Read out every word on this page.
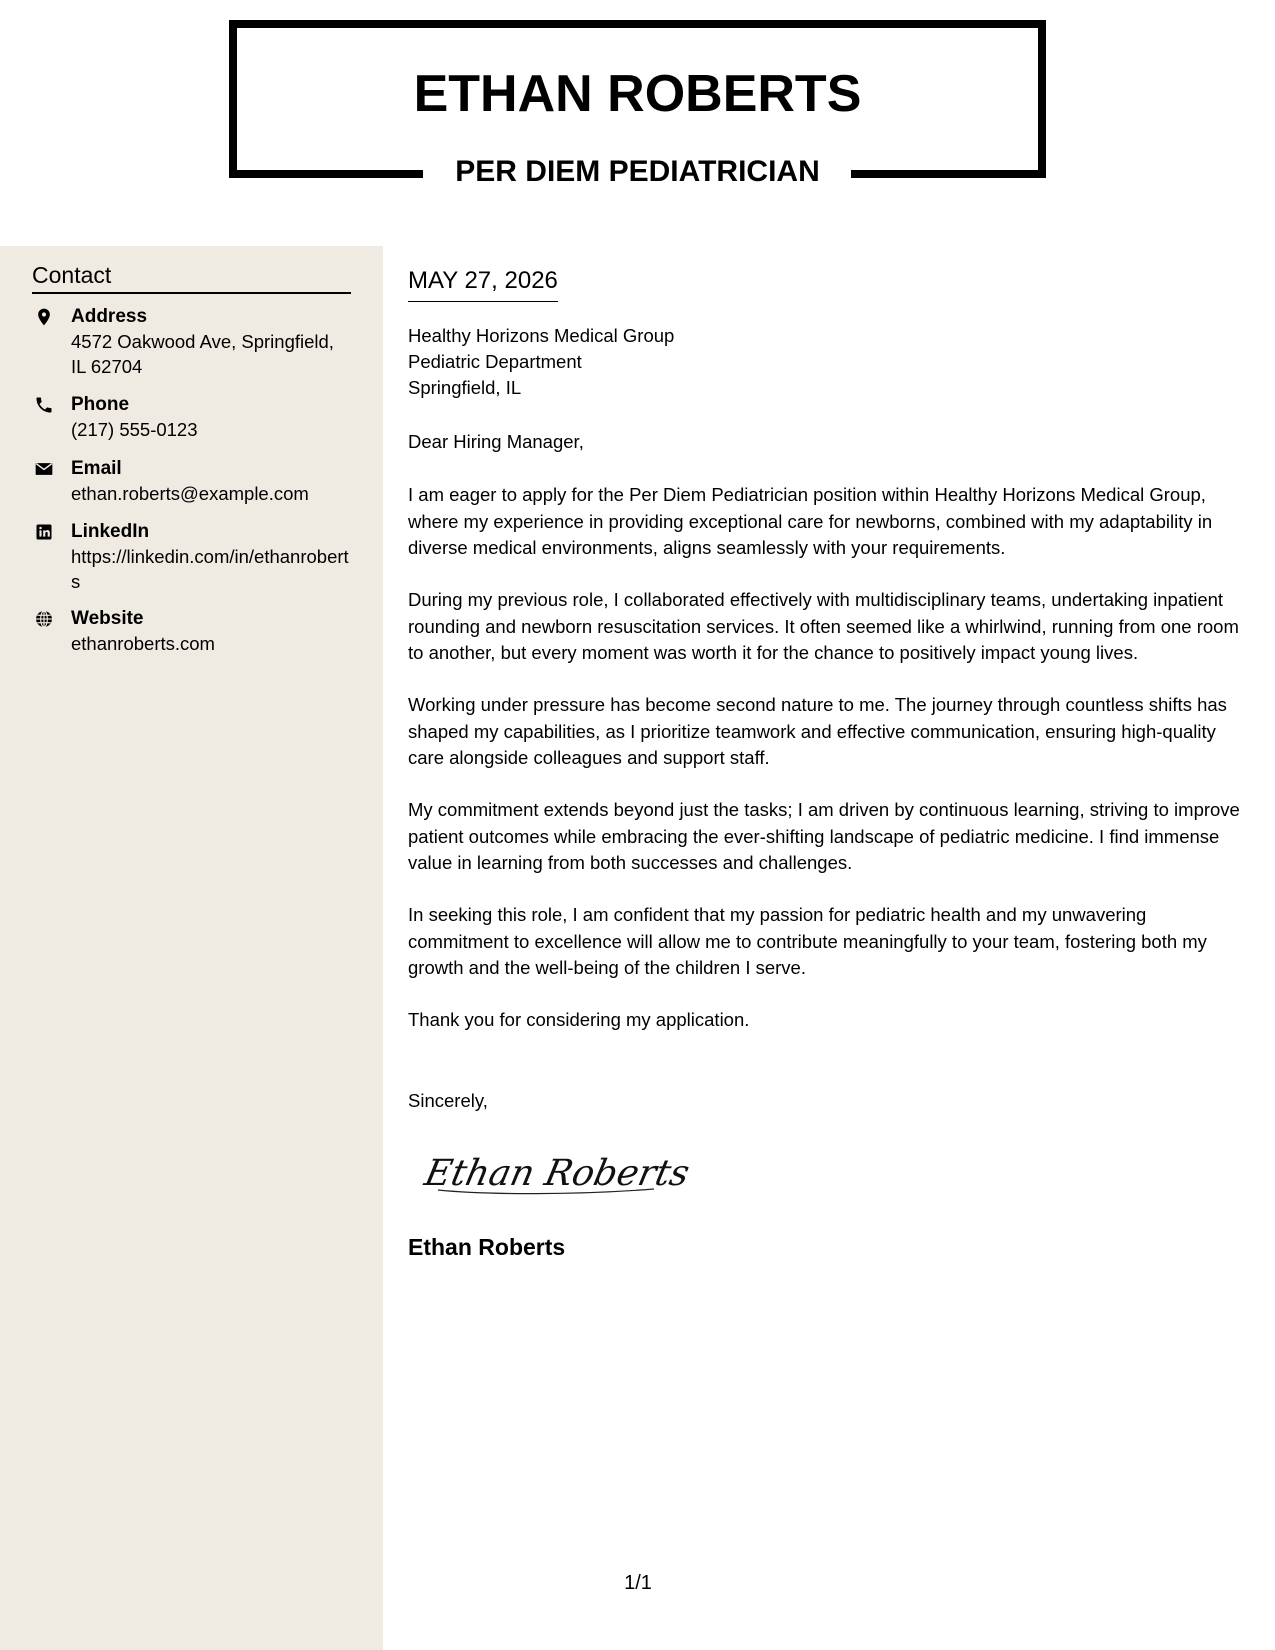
ETHAN ROBERTS
PER DIEM PEDIATRICIAN
Contact
Address
4572 Oakwood Ave, Springfield, IL 62704
Phone
(217) 555-0123
Email
ethan.roberts@example.com
LinkedIn
https://linkedin.com/in/ethanroberts
Website
ethanroberts.com
MAY 27, 2026
Healthy Horizons Medical Group
Pediatric Department
Springfield, IL

Dear Hiring Manager,

I am eager to apply for the Per Diem Pediatrician position within Healthy Horizons Medical Group, where my experience in providing exceptional care for newborns, combined with my adaptability in diverse medical environments, aligns seamlessly with your requirements.

During my previous role, I collaborated effectively with multidisciplinary teams, undertaking inpatient rounding and newborn resuscitation services. It often seemed like a whirlwind, running from one room to another, but every moment was worth it for the chance to positively impact young lives.

Working under pressure has become second nature to me. The journey through countless shifts has shaped my capabilities, as I prioritize teamwork and effective communication, ensuring high-quality care alongside colleagues and support staff.

My commitment extends beyond just the tasks; I am driven by continuous learning, striving to improve patient outcomes while embracing the ever-shifting landscape of pediatric medicine. I find immense value in learning from both successes and challenges.

In seeking this role, I am confident that my passion for pediatric health and my unwavering commitment to excellence will allow me to contribute meaningfully to your team, fostering both my growth and the well-being of the children I serve.

Thank you for considering my application.

Sincerely,

Ethan Roberts
Ethan Roberts
1/1
